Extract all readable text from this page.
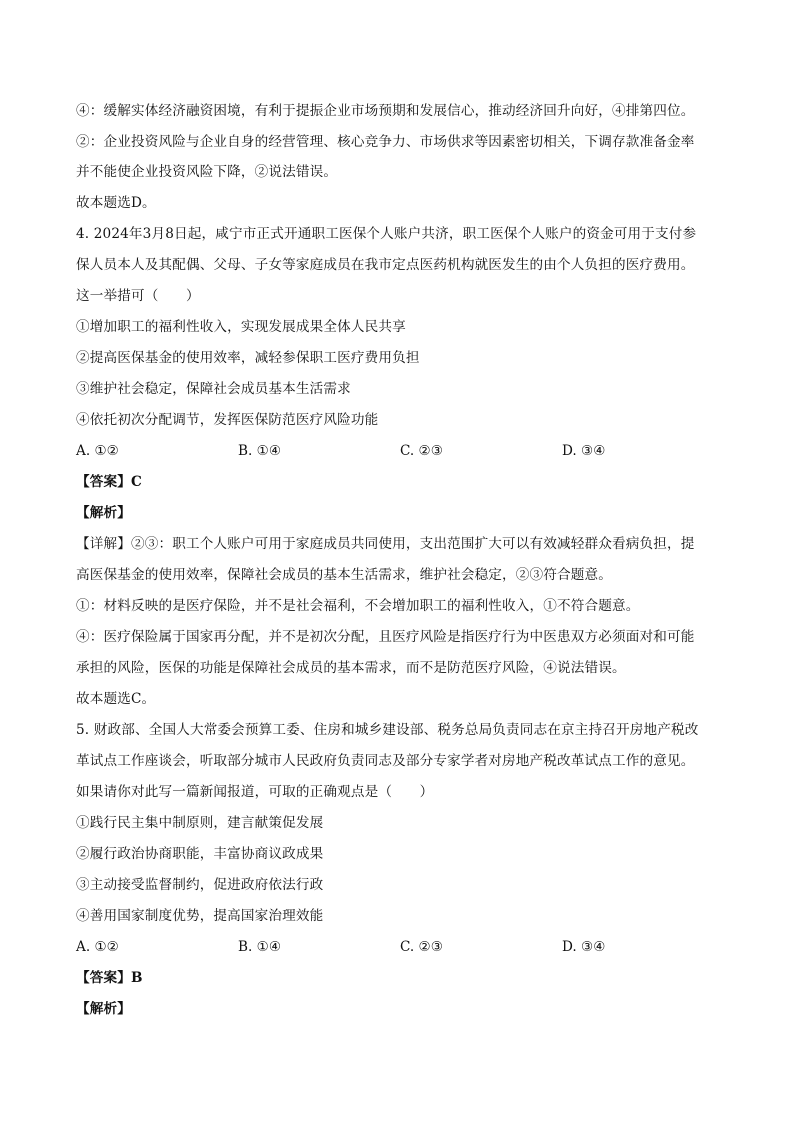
④：缓解实体经济融资困境，有利于提振企业市场预期和发展信心，推动经济回升向好，④排第四位。
②：企业投资风险与企业自身的经营管理、核心竞争力、市场供求等因素密切相关，下调存款准备金率
并不能使企业投资风险下降，②说法错误。
故本题选D。
4. 2024年3月8日起，咸宁市正式开通职工医保个人账户共济，职工医保个人账户的资金可用于支付参
保人员本人及其配偶、父母、子女等家庭成员在我市定点医药机构就医发生的由个人负担的医疗费用。
这一举措可（　　）
①增加职工的福利性收入，实现发展成果全体人民共享
②提高医保基金的使用效率，减轻参保职工医疗费用负担
③维护社会稳定，保障社会成员基本生活需求
④依托初次分配调节，发挥医保防范医疗风险功能
A. ①②	B. ①④	C. ②③	D. ③④
【答案】C
【解析】
【详解】②③：职工个人账户可用于家庭成员共同使用，支出范围扩大可以有效减轻群众看病负担，提
高医保基金的使用效率，保障社会成员的基本生活需求，维护社会稳定，②③符合题意。
①：材料反映的是医疗保险，并不是社会福利，不会增加职工的福利性收入，①不符合题意。
④：医疗保险属于国家再分配，并不是初次分配，且医疗风险是指医疗行为中医患双方必须面对和可能
承担的风险，医保的功能是保障社会成员的基本需求，而不是防范医疗风险，④说法错误。
故本题选C。
5. 财政部、全国人大常委会预算工委、住房和城乡建设部、税务总局负责同志在京主持召开房地产税改
革试点工作座谈会，听取部分城市人民政府负责同志及部分专家学者对房地产税改革试点工作的意见。
如果请你对此写一篇新闻报道，可取的正确观点是（　　）
①践行民主集中制原则，建言献策促发展
②履行政治协商职能，丰富协商议政成果
③主动接受监督制约，促进政府依法行政
④善用国家制度优势，提高国家治理效能
A. ①②	B. ①④	C. ②③	D. ③④
【答案】B
【解析】
